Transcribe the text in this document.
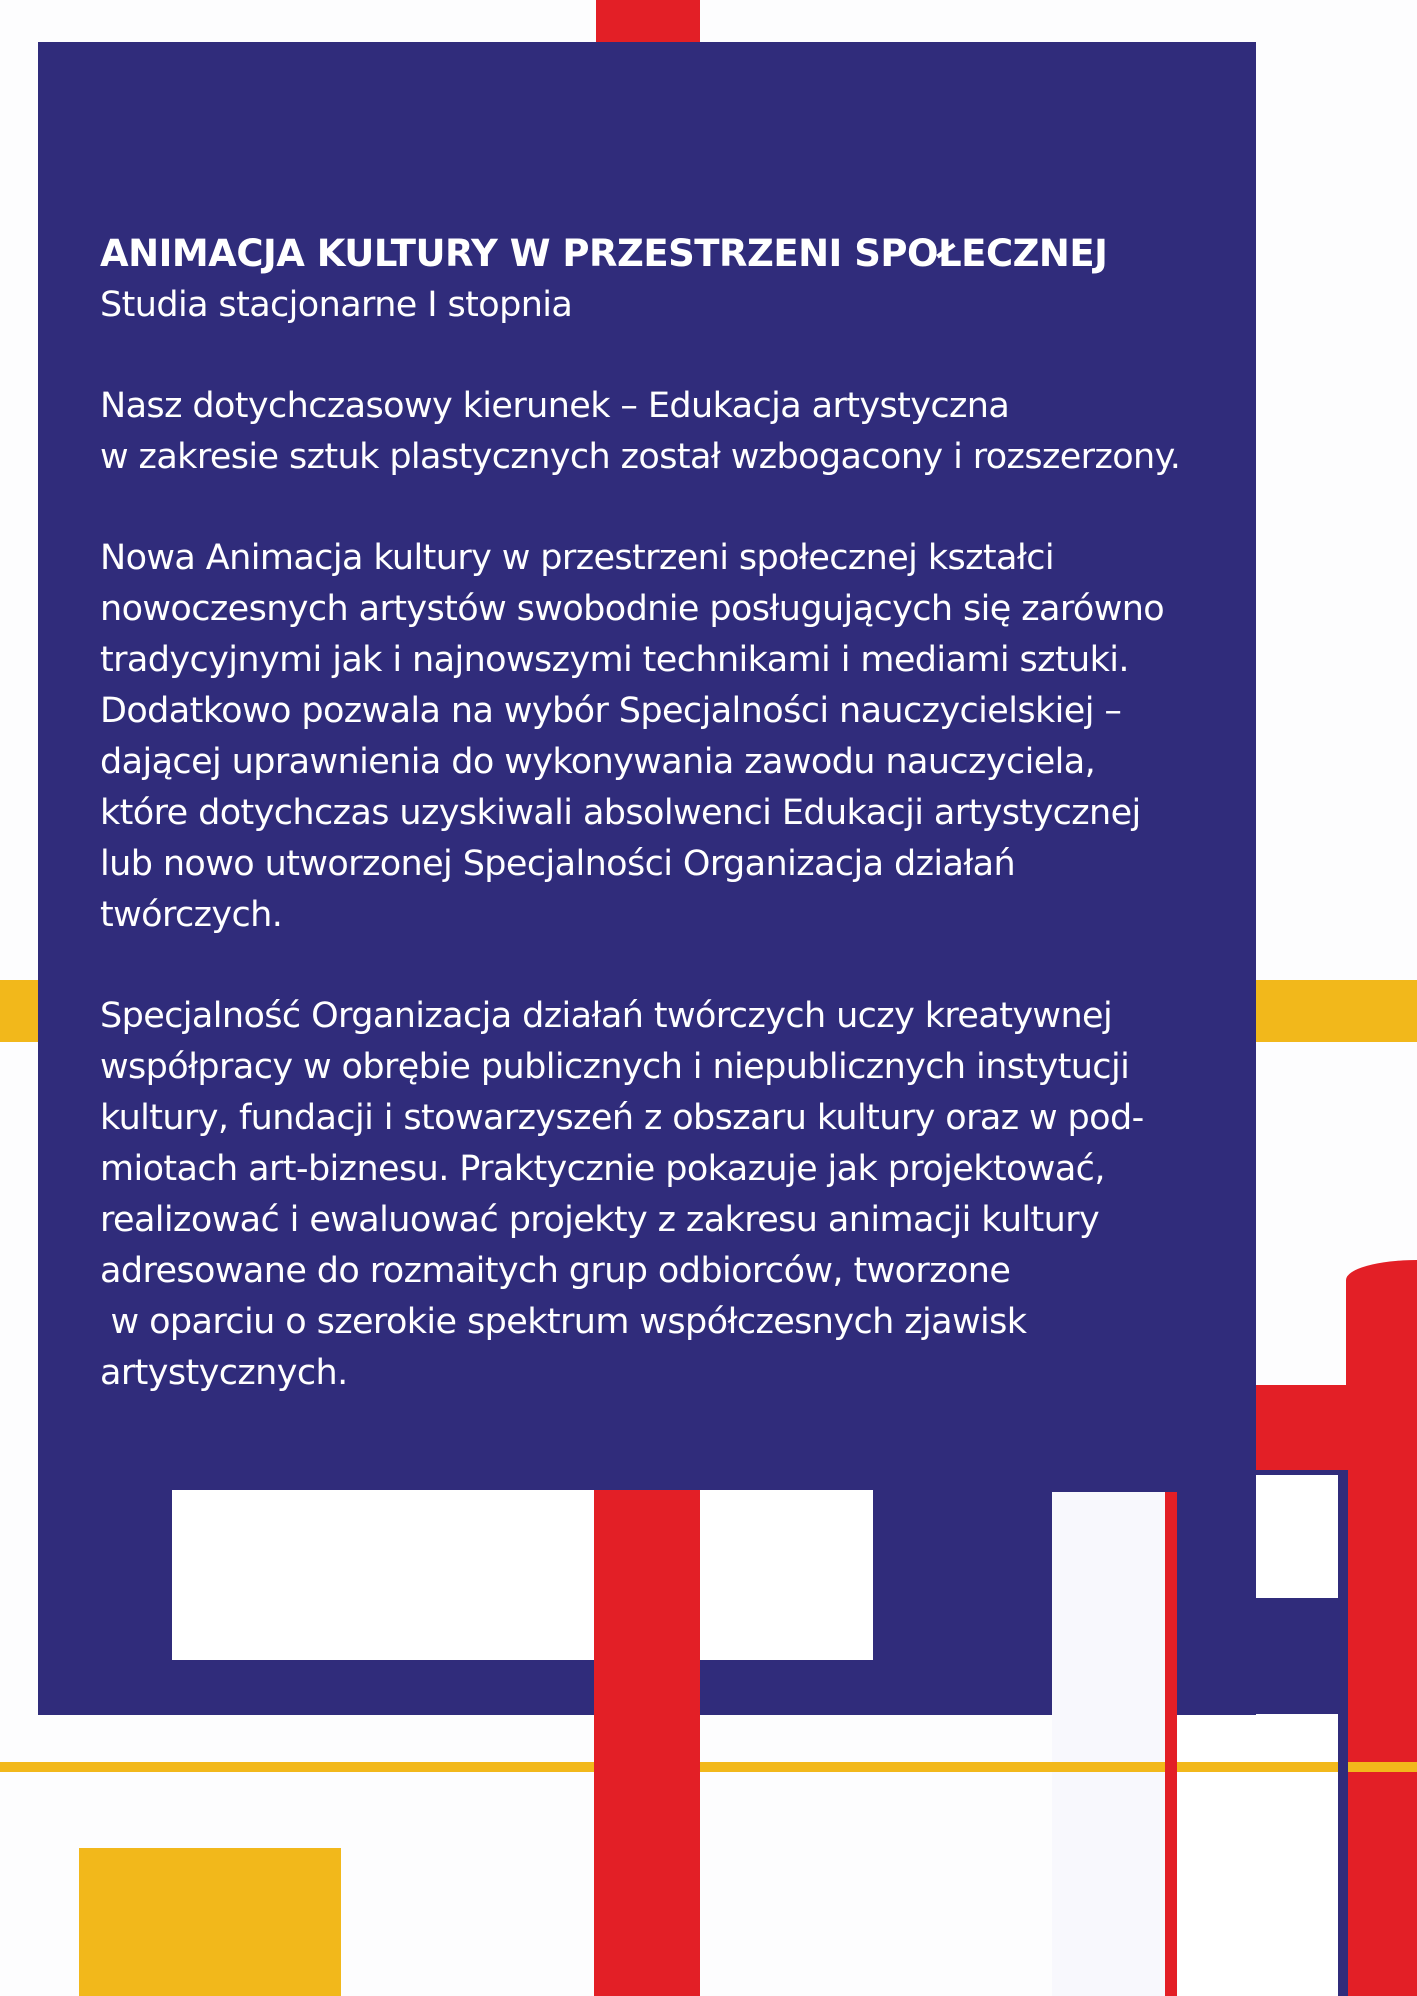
ANIMACJA KULTURY W PRZESTRZENI SPOŁECZNEJ

Studia stacjonarne I stopnia

Nasz dotychczasowy kierunek – Edukacja artystyczna
w zakresie sztuk plastycznych został wzbogacony i rozszerzony.

Nowa Animacja kultury w przestrzeni społecznej kształci
nowoczesnych artystów swobodnie posługujących się zarówno
tradycyjnymi jak i najnowszymi technikami i mediami sztuki.
Dodatkowo pozwala na wybór Specjalności nauczycielskiej –
dającej uprawnienia do wykonywania zawodu nauczyciela,
które dotychczas uzyskiwali absolwenci Edukacji artystycznej
lub nowo utworzonej Specjalności Organizacja działań
twórczych.

Specjalność Organizacja działań twórczych uczy kreatywnej
współpracy w obrębie publicznych i niepublicznych instytucji
kultury, fundacji i stowarzyszeń z obszaru kultury oraz w pod-
miotach art-biznesu. Praktycznie pokazuje jak projektować,
realizować i ewaluować projekty z zakresu animacji kultury
adresowane do rozmaitych grup odbiorców, tworzone
w oparciu o szerokie spektrum współczesnych zjawisk
artystycznych.
